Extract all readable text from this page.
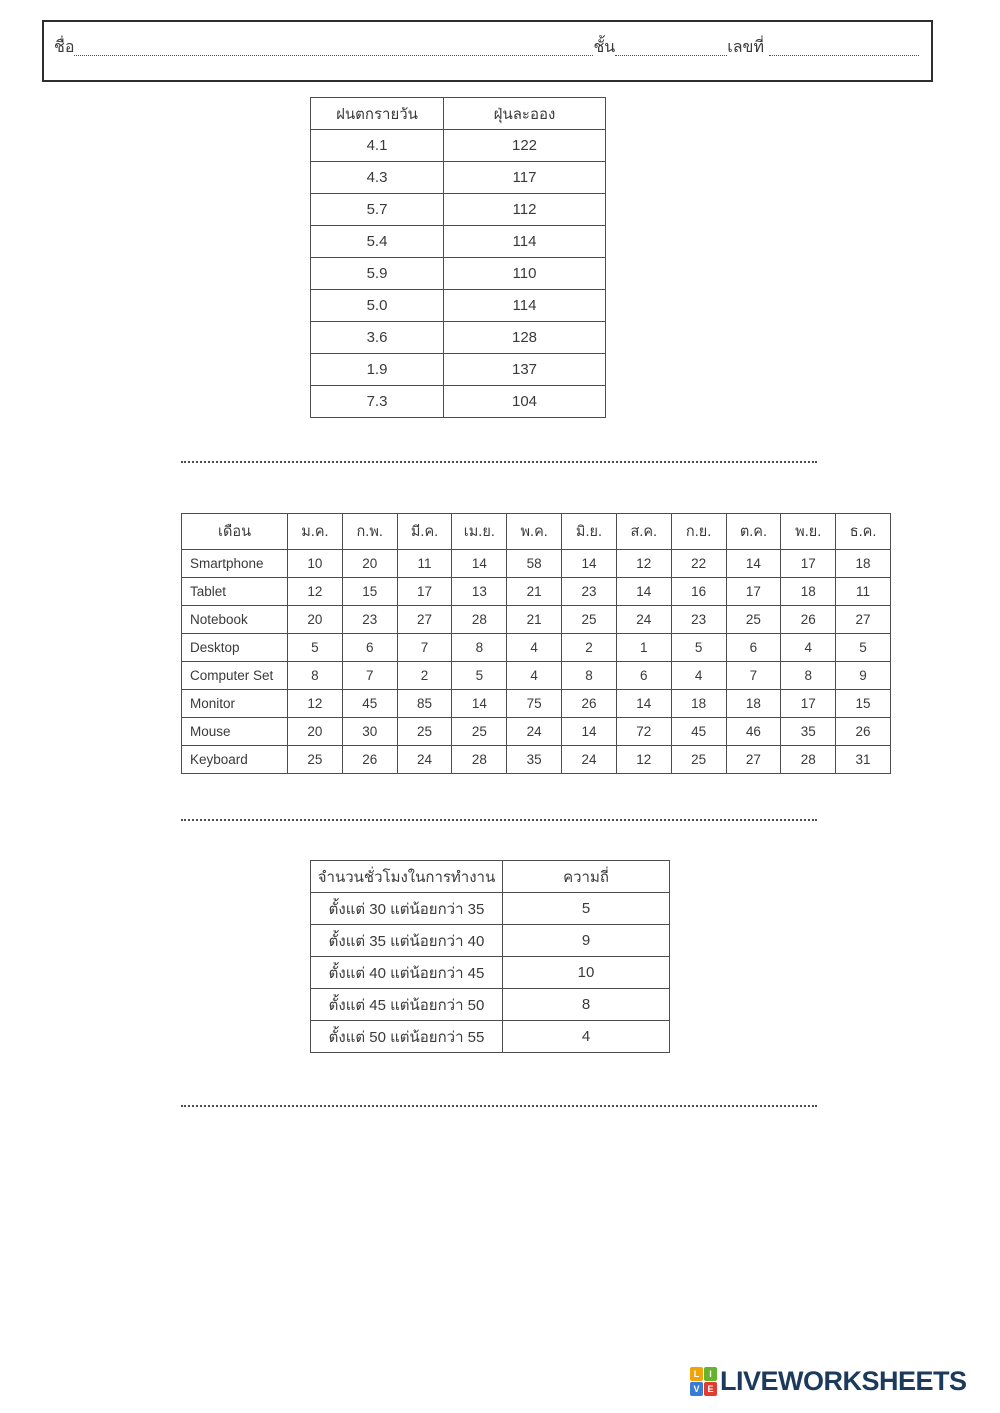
ชื่อ	ชั้น	เลขที่
ฝนตกรายวัน	ฝุ่นละออง
4.1	122
4.3	117
5.7	112
5.4	114
5.9	110
5.0	114
3.6	128
1.9	137
7.3	104
เดือน	ม.ค.	ก.พ.	มี.ค.	เม.ย.	พ.ค.	มิ.ย.	ส.ค.	ก.ย.	ต.ค.	พ.ย.	ธ.ค.
Smartphone	10	20	11	14	58	14	12	22	14	17	18
Tablet	12	15	17	13	21	23	14	16	17	18	11
Notebook	20	23	27	28	21	25	24	23	25	26	27
Desktop	5	6	7	8	4	2	1	5	6	4	5
Computer Set	8	7	2	5	4	8	6	4	7	8	9
Monitor	12	45	85	14	75	26	14	18	18	17	15
Mouse	20	30	25	25	24	14	72	45	46	35	26
Keyboard	25	26	24	28	35	24	12	25	27	28	31
จำนวนชั่วโมงในการทำงาน	ความถี่
ตั้งแต่ 30 แต่น้อยกว่า 35	5
ตั้งแต่ 35 แต่น้อยกว่า 40	9
ตั้งแต่ 40 แต่น้อยกว่า 45	10
ตั้งแต่ 45 แต่น้อยกว่า 50	8
ตั้งแต่ 50 แต่น้อยกว่า 55	4
L	I
V E LIVEWORKSHEETS
